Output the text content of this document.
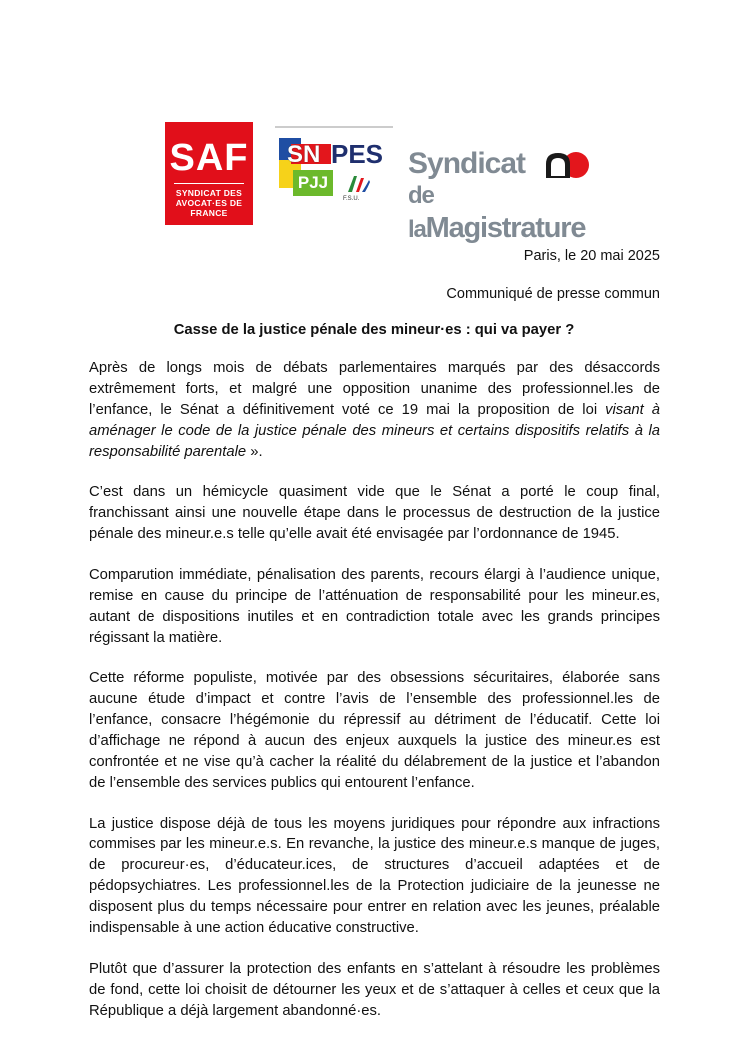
SAF
SYNDICAT DES
AVOCAT·ES DE FRANCE
SN PES
PJJ
F.S.U.
Syndicat
de laMagistrature
Paris, le 20 mai 2025
Communiqué de presse commun
Casse de la justice pénale des mineur·es : qui va payer ?

Après de longs mois de débats parlementaires marqués par des désaccords extrêmement forts, et malgré une opposition unanime des professionnel.les de l’enfance, le Sénat a définitivement voté ce 19 mai la proposition de loi visant à aménager le code de la justice pénale des mineurs et certains dispositifs relatifs à la responsabilité parentale ».

C’est dans un hémicycle quasiment vide que le Sénat a porté le coup final, franchissant ainsi une nouvelle étape dans le processus de destruction de la justice pénale des mineur.e.s telle qu’elle avait été envisagée par l’ordonnance de 1945.

Comparution immédiate, pénalisation des parents, recours élargi à l’audience unique, remise en cause du principe de l’atténuation de responsabilité pour les mineur.es, autant de dispositions inutiles et en contradiction totale avec les grands principes régissant la matière.

Cette réforme populiste, motivée par des obsessions sécuritaires, élaborée sans aucune étude d’impact et contre l’avis de l’ensemble des professionnel.les de l’enfance, consacre l’hégémonie du répressif au détriment de l’éducatif. Cette loi d’affichage ne répond à aucun des enjeux auxquels la justice des mineur.es est confrontée et ne vise qu’à cacher la réalité du délabrement de la justice et l’abandon de l’ensemble des services publics qui entourent l’enfance.

La justice dispose déjà de tous les moyens juridiques pour répondre aux infractions commises par les mineur.e.s. En revanche, la justice des mineur.e.s manque de juges, de procureur·es, d’éducateur.ices, de structures d’accueil adaptées et de pédopsychiatres. Les professionnel.les de la Protection judiciaire de la jeunesse ne disposent plus du temps nécessaire pour entrer en relation avec les jeunes, préalable indispensable à une action éducative constructive.

Plutôt que d’assurer la protection des enfants en s’attelant à résoudre les problèmes de fond, cette loi choisit de détourner les yeux et de s’attaquer à celles et ceux que la République a déjà largement abandonné·es.
